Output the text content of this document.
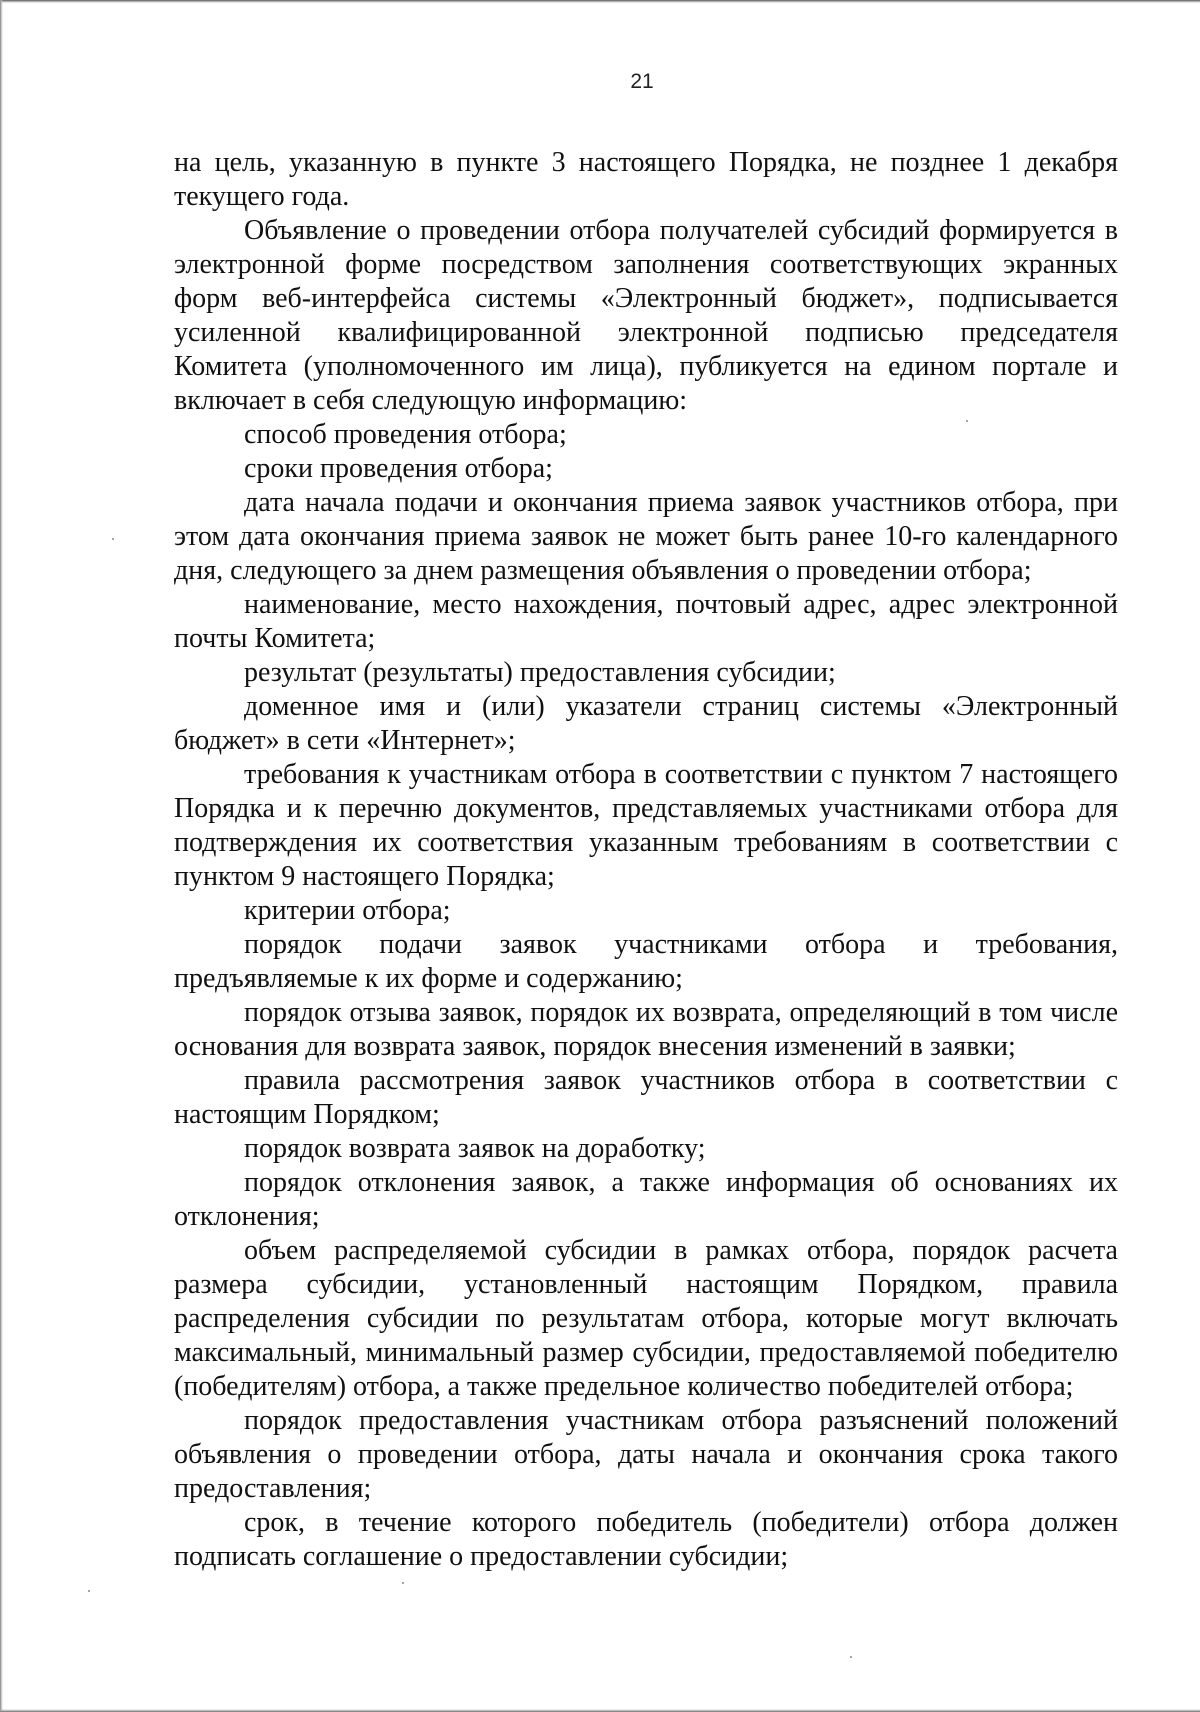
21

на цель, указанную в пункте 3 настоящего Порядка, не позднее 1 декабря текущего года.

Объявление о проведении отбора получателей субсидий формируется в электронной форме посредством заполнения соответствующих экранных форм веб-интерфейса системы «Электронный бюджет», подписывается усиленной квалифицированной электронной подписью председателя Комитета (уполномоченного им лица), публикуется на едином портале и включает в себя следующую информацию:

способ проведения отбора;

сроки проведения отбора;

дата начала подачи и окончания приема заявок участников отбора, при этом дата окончания приема заявок не может быть ранее 10-го календарного дня, следующего за днем размещения объявления о проведении отбора;

наименование, место нахождения, почтовый адрес, адрес электронной почты Комитета;

результат (результаты) предоставления субсидии;

доменное имя и (или) указатели страниц системы «Электронный бюджет» в сети «Интернет»;

требования к участникам отбора в соответствии с пунктом 7 настоящего Порядка и к перечню документов, представляемых участниками отбора для подтверждения их соответствия указанным требованиям в соответствии с пунктом 9 настоящего Порядка;

критерии отбора;

порядок подачи заявок участниками отбора и требования, предъявляемые к их форме и содержанию;

порядок отзыва заявок, порядок их возврата, определяющий в том числе основания для возврата заявок, порядок внесения изменений в заявки;

правила рассмотрения заявок участников отбора в соответствии с настоящим Порядком;

порядок возврата заявок на доработку;

порядок отклонения заявок, а также информация об основаниях их отклонения;

объем распределяемой субсидии в рамках отбора, порядок расчета размера субсидии, установленный настоящим Порядком, правила распределения субсидии по результатам отбора, которые могут включать максимальный, минимальный размер субсидии, предоставляемой победителю (победителям) отбора, а также предельное количество победителей отбора;

порядок предоставления участникам отбора разъяснений положений объявления о проведении отбора, даты начала и окончания срока такого предоставления;

срок, в течение которого победитель (победители) отбора должен подписать соглашение о предоставлении субсидии;
